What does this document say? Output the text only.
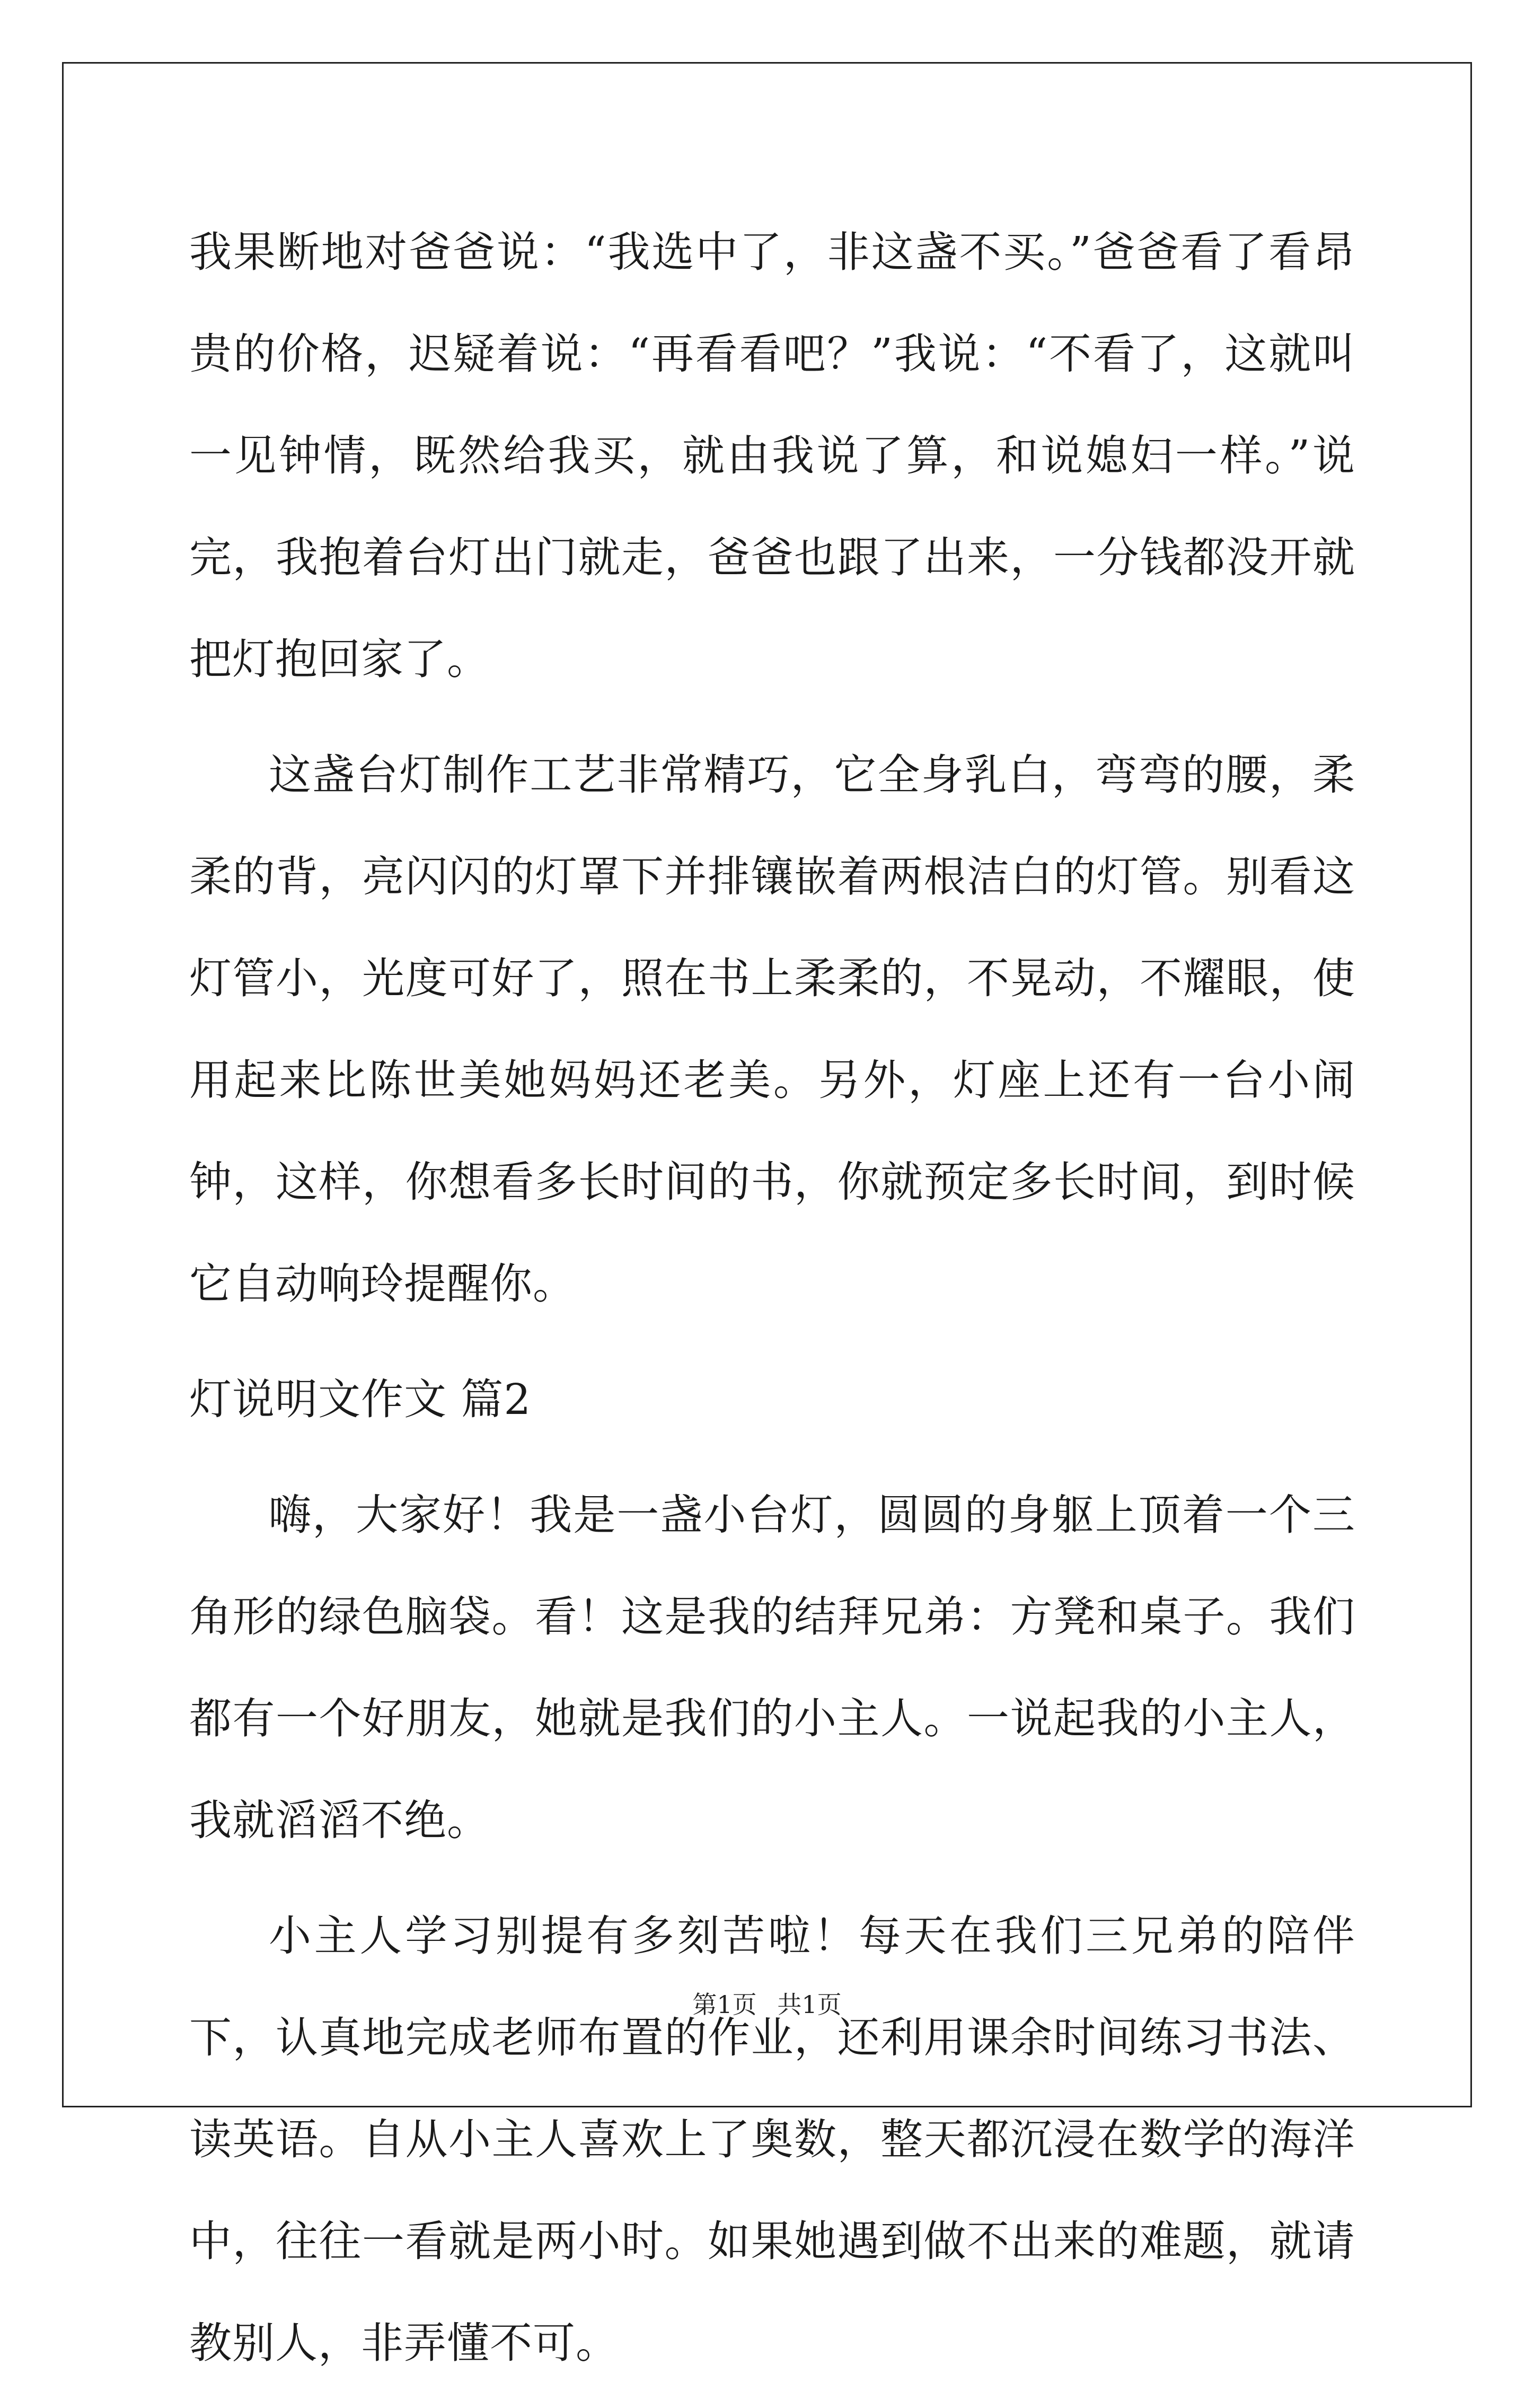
我果断地对爸爸说：“我选中了，非这盏不买。”爸爸看了看昂贵的价格，迟疑着说：“再看看吧？”我说：“不看了，这就叫一见钟情，既然给我买，就由我说了算，和说媳妇一样。”说完，我抱着台灯出门就走，爸爸也跟了出来，一分钱都没开就把灯抱回家了。

这盏台灯制作工艺非常精巧，它全身乳白，弯弯的腰，柔柔的背，亮闪闪的灯罩下并排镶嵌着两根洁白的灯管。别看这灯管小，光度可好了，照在书上柔柔的，不晃动，不耀眼，使用起来比陈世美她妈妈还老美。另外，灯座上还有一台小闹钟，这样，你想看多长时间的书，你就预定多长时间，到时候它自动响玲提醒你。

灯说明文作文 篇2

嗨，大家好！我是一盏小台灯，圆圆的身躯上顶着一个三角形的绿色脑袋。看！这是我的结拜兄弟：方凳和桌子。我们都有一个好朋友，她就是我们的小主人。一说起我的小主人，我就滔滔不绝。

小主人学习别提有多刻苦啦！每天在我们三兄弟的陪伴下，认真地完成老师布置的作业，还利用课余时间练习书法、读英语。自从小主人喜欢上了奥数，整天都沉浸在数学的海洋中，往往一看就是两小时。如果她遇到做不出来的难题，就请教别人，非弄懂不可。

第1页 共1页
